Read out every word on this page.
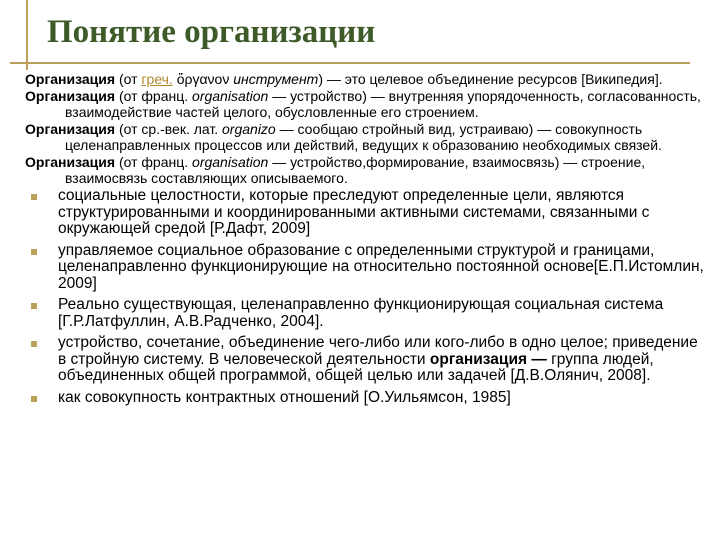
Понятие организации

Организация (от греч. ὄργανον инструмент) — это целевое объединение ресурсов [Википедия].

Организация (от франц. organisation — устройство) — внутренняя упорядоченность, согласованность, взаимодействие частей целого, обусловленные его строением.

Организация (от ср.-век. лат. organizo — сообщаю стройный вид, устраиваю) — совокупность целенаправленных процессов или действий, ведущих к образованию необходимых связей.

Организация (от франц. organisation — устройство,формирование, взаимосвязь) — строение, взаимосвязь составляющих описываемого.

социальные целостности, которые преследуют определенные цели, являются структурированными и координированными активными системами, связанными с окружающей средой [Р.Дафт, 2009]
управляемое социальное образование с определенными структурой и границами, целенаправленно функционирующие на относительно постоянной основе[Е.П.Истомлин, 2009]
Реально существующая, целенаправленно функционирующая социальная система [Г.Р.Латфуллин, А.В.Радченко, 2004].
устройство, сочетание, объединение чего-либо или кого-либо в одно целое; приведение в стройную систему. В человеческой деятельности организация — группа людей, объединенных общей программой, общей целью или задачей [Д.В.Олянич, 2008].
как совокупность контрактных отношений [О.Уильямсон, 1985]
